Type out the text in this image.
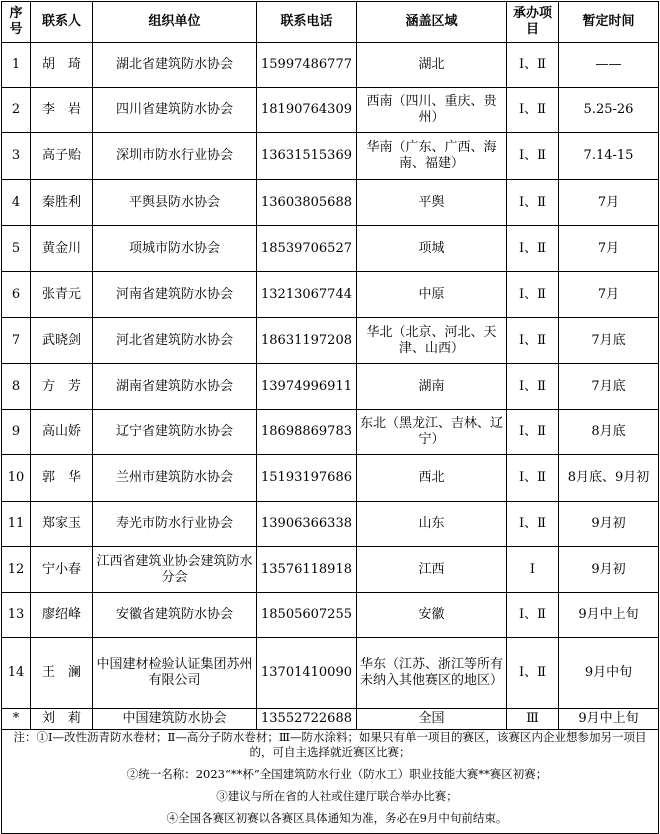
序号	联系人	组织单位	联系电话	涵盖区域	承办项目	暂定时间
1	胡　琦	湖北省建筑防水协会	15997486777	湖北	Ⅰ、Ⅱ	——
2	李　岩	四川省建筑防水协会	18190764309	西南（四川、重庆、贵州）	Ⅰ、Ⅱ	5.25-26
3	高子贻	深圳市防水行业协会	13631515369	华南（广东、广西、海南、福建）	Ⅰ、Ⅱ	7.14-15
4	秦胜利	平舆县防水协会	13603805688	平舆	Ⅰ、Ⅱ	7月
5	黄金川	项城市防水协会	18539706527	项城	Ⅰ、Ⅱ	7月
6	张青元	河南省建筑防水协会	13213067744	中原	Ⅰ、Ⅱ	7月
7	武晓剑	河北省建筑防水协会	18631197208	华北（北京、河北、天津、山西）	Ⅰ、Ⅱ	7月底
8	方　芳	湖南省建筑防水协会	13974996911	湖南	Ⅰ、Ⅱ	7月底
9	高山娇	辽宁省建筑防水协会	18698869783	东北（黑龙江、吉林、辽宁）	Ⅰ、Ⅱ	8月底
10	郭　华	兰州市建筑防水协会	15193197686	西北	Ⅰ、Ⅱ	8月底、9月初
11	郑家玉	寿光市防水行业协会	13906366338	山东	Ⅰ、Ⅱ	9月初
12	宁小春	江西省建筑业协会建筑防水分会	13576118918	江西	Ⅰ	9月初
13	廖绍峰	安徽省建筑防水协会	18505607255	安徽	Ⅰ、Ⅱ	9月中上旬
14	王　澜	中国建材检验认证集团苏州有限公司	13701410090	华东（江苏、浙江等所有未纳入其他赛区的地区）	Ⅰ、Ⅱ	9月中旬
*	刘　莉	中国建筑防水协会	13552722688	全国	Ⅲ	9月中上旬

注：①Ⅰ—改性沥青防水卷材；Ⅱ—高分子防水卷材；Ⅲ—防水涂料；如果只有单一项目的赛区，该赛区内企业想参加另一项目的，可自主选择就近赛区比赛；
②统一名称：2023“**杯”全国建筑防水行业（防水工）职业技能大赛**赛区初赛；
③建议与所在省的人社或住建厅联合举办比赛；
④全国各赛区初赛以各赛区具体通知为准，务必在9月中旬前结束。						
